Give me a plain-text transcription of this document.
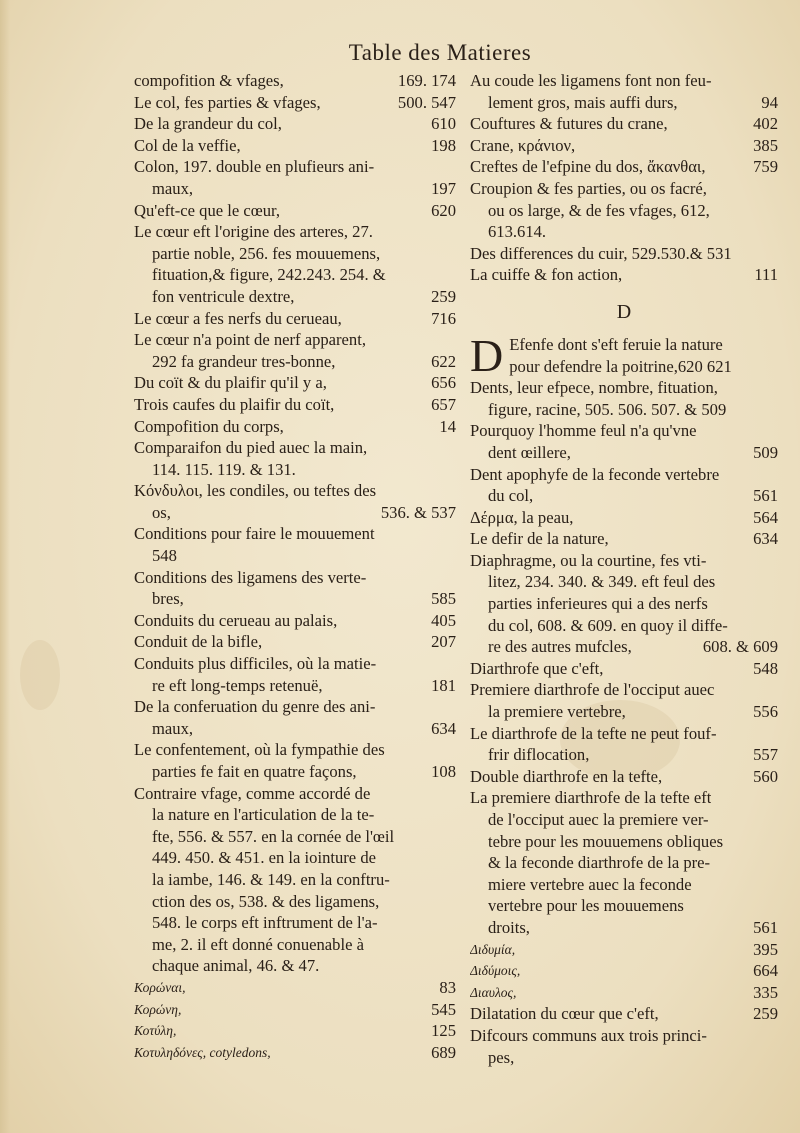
Table des Matieres
compofition & vfages,	169. 174
Le col, fes parties & vfages,	500. 547
De la grandeur du col,	610
Col de la veffie,	198
Colon, 197. double en plufieurs ani-
maux,	197
Qu'eft-ce que le cœur,	620
Le cœur eft l'origine des arteres, 27.
partie noble, 256. fes mouuemens,
fituation,& figure, 242.243. 254. &
fon ventricule dextre,	259
Le cœur a fes nerfs du cerueau,	716
Le cœur n'a point de nerf apparent,
292 fa grandeur tres-bonne,	622
Du coït & du plaifir qu'il y a,	656
Trois caufes du plaifir du coït,	657
Compofition du corps,	14
Comparaifon du pied auec la main,
114. 115. 119. & 131.
Κόνδυλοι, les condiles, ou teftes des
os,	536. & 537
Conditions pour faire le mouuement
548
Conditions des ligamens des verte-
bres,	585
Conduits du cerueau au palais,	405
Conduit de la bifle,	207
Conduits plus difficiles, où la matie-
re eft long-temps retenuë,	181
De la conferuation du genre des ani-
maux,	634
Le confentement, où la fympathie des
parties fe fait en quatre façons,	108
Contraire vfage, comme accordé de
la nature en l'articulation de la te-
fte, 556. & 557. en la cornée de l'œil
449. 450. & 451. en la iointure de
la iambe, 146. & 149. en la conftru-
ction des os, 538. & des ligamens,
548. le corps eft inftrument de l'a-
me, 2. il eft donné conuenable à
chaque animal, 46. & 47.
Κορώναι,	83
Κορώνη,	545
Κοτύλη,	125
Κοτυληδόνες, cotyledons,	689
Au coude les ligamens font non feu-
lement gros, mais auffi durs,	94
Couftures & futures du crane,	402
Crane, κράνιον,	385
Creftes de l'efpine du dos, ἄκανθαι,	759
Croupion & fes parties, ou os facré,
ou os large, & de fes vfages, 612,
613.614.
Des differences du cuir, 529.530.& 531
La cuiffe & fon action,	111
D
D Efenfe dont s'eft feruie la nature
pour defendre la poitrine,620 621
Dents, leur efpece, nombre, fituation,
figure, racine, 505. 506. 507. & 509
Pourquoy l'homme feul n'a qu'vne
dent œillere,	509
Dent apophyfe de la feconde vertebre
du col,	561
Δέρμα, la peau,	564
Le defir de la nature,	634
Diaphragme, ou la courtine, fes vti-
litez, 234. 340. & 349. eft feul des
parties inferieures qui a des nerfs
du col, 608. & 609. en quoy il diffe-
re des autres mufcles,	608. & 609
Diarthrofe que c'eft,	548
Premiere diarthrofe de l'occiput auec
la premiere vertebre,	556
Le diarthrofe de la tefte ne peut fouf-
frir diflocation,	557
Double diarthrofe en la tefte,	560
La premiere diarthrofe de la tefte eft
de l'occiput auec la premiere ver-
tebre pour les mouuemens obliques
& la feconde diarthrofe de la pre-
miere vertebre auec la feconde
vertebre pour les mouuemens
droits,	561
Διδυμία,	395
Διδύμοις,	664
Διαυλος,	335
Dilatation du cœur que c'eft,	259
Difcours communs aux trois princi-
pes,
